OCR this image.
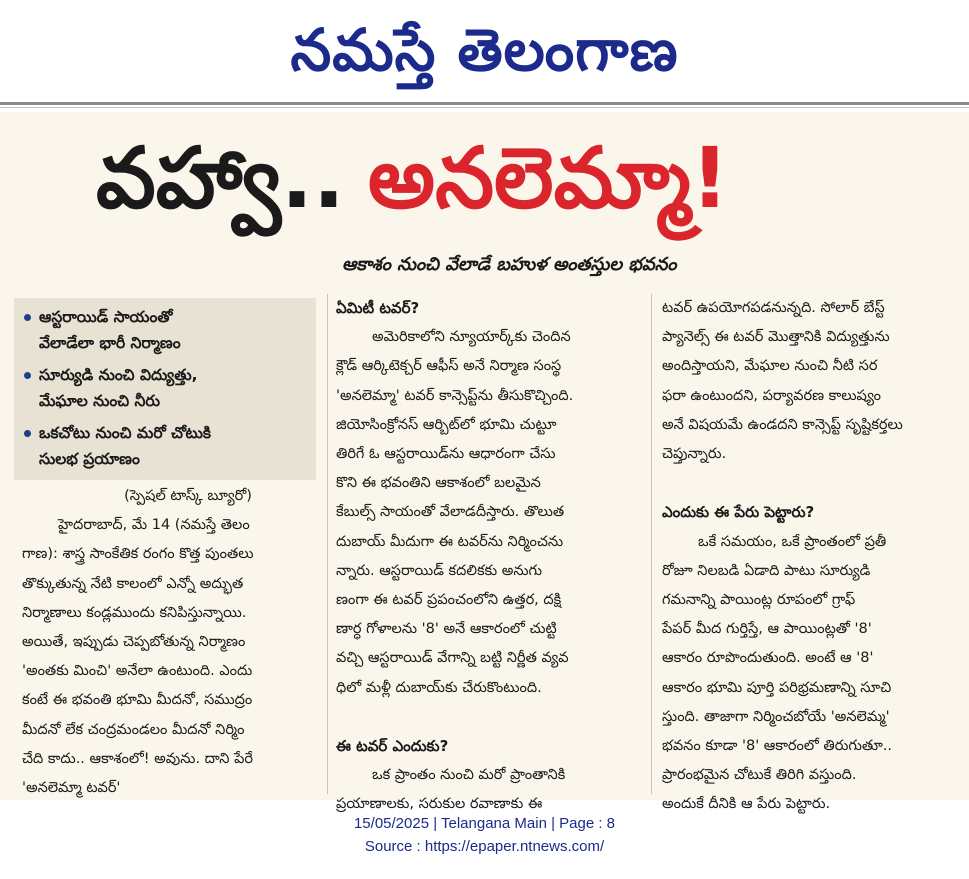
నమస్తే తెలంగాణ
వహ్వా.. అనలెమ్మా!
ఆకాశం నుంచి వేలాడే బహుళ అంతస్తుల భవనం
ఆస్టరాయిడ్ సాయంతో
వేలాడేలా భారీ నిర్మాణం
సూర్యుడి నుంచి విద్యుత్తు,
మేఘాల నుంచి నీరు
ఒకచోటు నుంచి మరో చోటుకి
సులభ ప్రయాణం
(స్పెషల్ టాస్క్ బ్యూరో)
హైదరాబాద్, మే 14 (నమస్తే తెలం
గాణ): శాస్త్ర సాంకేతిక రంగం కొత్త పుంతలు
తొక్కుతున్న నేటి కాలంలో ఎన్నో అద్భుత
నిర్మాణాలు కండ్లముందు కనిపిస్తున్నాయి.
అయితే, ఇప్పుడు చెప్పబోతున్న నిర్మాణం
'అంతకు మించి' అనేలా ఉంటుంది. ఎందు
కంటే ఈ భవంతి భూమి మీదనో, సముద్రం
మీదనో లేక చంద్రమండలం మీదనో నిర్మిం
చేది కాదు.. ఆకాశంలో! అవును. దాని పేరే
'అనలెమ్మా టవర్'
ఏమిటీ టవర్?
అమెరికాలోని న్యూయార్క్‌కు చెందిన
క్లౌడ్ ఆర్కిటెక్చర్ ఆఫీస్ అనే నిర్మాణ సంస్థ
'అనలెమ్మా' టవర్ కాన్సెప్ట్‌ను తీసుకొచ్చింది.
జియోసింక్రోనస్ ఆర్బిట్‌లో భూమి చుట్టూ
తిరిగే ఓ ఆస్టరాయిడ్‌ను ఆధారంగా చేసు
కొని ఈ భవంతిని ఆకాశంలో బలమైన
కేబుల్స్ సాయంతో వేలాడదీస్తారు. తొలుత
దుబాయ్ మీదుగా ఈ టవర్‌ను నిర్మించను
న్నారు. ఆస్టరాయిడ్ కదలికకు అనుగు
ణంగా ఈ టవర్ ప్రపంచంలోని ఉత్తర, దక్షి
ణార్ధ గోళాలను '8' అనే ఆకారంలో చుట్టి
వచ్చి ఆస్టరాయిడ్ వేగాన్ని బట్టి నిర్ణీత వ్యవ
ధిలో మళ్లీ దుబాయ్‌కు చేరుకొంటుంది.

ఈ టవర్ ఎందుకు?
ఒక ప్రాంతం నుంచి మరో ప్రాంతానికి
ప్రయాణాలకు, సరుకుల రవాణాకు ఈ
టవర్ ఉపయోగపడనున్నది. సోలార్ బేస్ట్
ప్యానెల్స్ ఈ టవర్ మొత్తానికి విద్యుత్తును
అందిస్తాయని, మేఘాల నుంచి నీటి సర
ఫరా ఉంటుందని, పర్యావరణ కాలుష్యం
అనే విషయమే ఉండదని కాన్సెప్ట్ సృష్టికర్తలు
చెప్తున్నారు.

ఎందుకు ఈ పేరు పెట్టారు?
ఒకే సమయం, ఒకే ప్రాంతంలో ప్రతీ
రోజూ నిలబడి ఏడాది పాటు సూర్యుడి
గమనాన్ని పాయింట్ల రూపంలో గ్రాఫ్
పేపర్ మీద గుర్తిస్తే, ఆ పాయింట్లతో '8'
ఆకారం రూపొందుతుంది. అంటే ఆ '8'
ఆకారం భూమి పూర్తి పరిభ్రమణాన్ని సూచి
స్తుంది. తాజాగా నిర్మించబోయే 'అనలెమ్మ'
భవనం కూడా '8' ఆకారంలో తిరుగుతూ..
ప్రారంభమైన చోటుకే తిరిగి వస్తుంది.
అందుకే దీనికి ఆ పేరు పెట్టారు.
15/05/2025 | Telangana Main | Page : 8
Source : https://epaper.ntnews.com/
